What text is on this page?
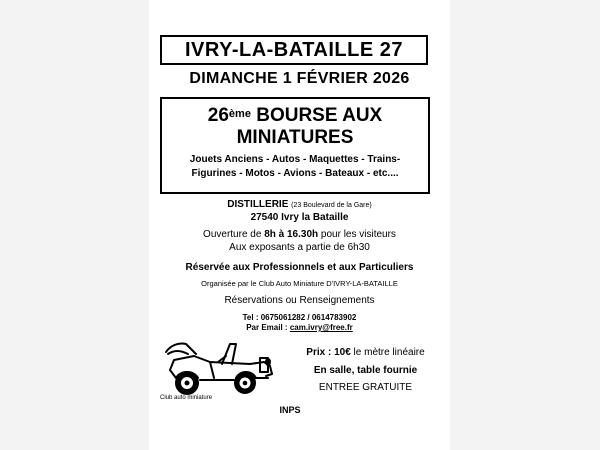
IVRY-LA-BATAILLE 27
DIMANCHE 1 FÉVRIER 2026
26ème BOURSE AUX
MINIATURES
Jouets Anciens - Autos - Maquettes - Trains-
Figurines - Motos - Avions - Bateaux - etc....
DISTILLERIE (23 Boulevard de la Gare)
27540 Ivry la Bataille
Ouverture de 8h à 16.30h pour les visiteurs
Aux exposants a partie de 6h30
Réservée aux Professionnels et aux Particuliers
Organisée par le Club Auto Miniature D'IVRY-LA-BATAILLE
Réservations ou Renseignements
Tel : 0675061282 / 0614783902
Par Email : cam.ivry@free.fr
Club auto miniature
Prix : 10€ le mètre linéaire
En salle, table fournie
ENTREE GRATUITE
INPS
